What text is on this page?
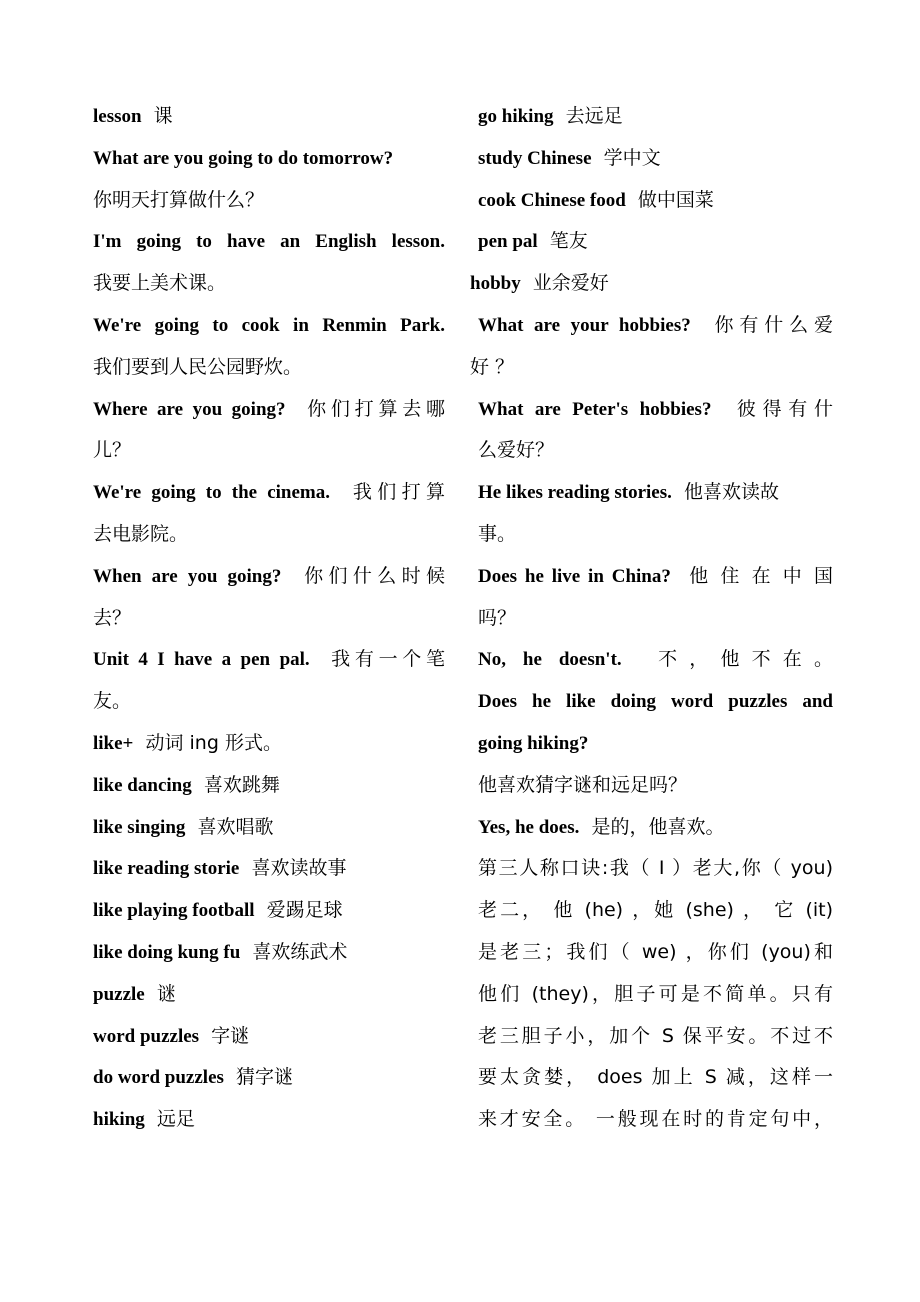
lesson 课
What are you going to do tomorrow?
你明天打算做什么？
I'm going to have an English lesson.
我要上美术课。
We're going to cook in Renmin Park.
我们要到人民公园野炊。
Where are you going? 你们打算去哪
儿？
We're going to the cinema. 我们打算
去电影院。
When are you going? 你们什么时候
去？
Unit 4 I have a pen pal. 我有一个笔
友。
like+ 动词 ing 形式。
like dancing 喜欢跳舞
like singing 喜欢唱歌
like reading storie 喜欢读故事
like playing football 爱踢足球
like doing kung fu 喜欢练武术
puzzle 谜
word puzzles 字谜
do word puzzles 猜字谜
hiking 远足
go hiking 去远足
study Chinese 学中文
cook Chinese food 做中国菜
pen pal 笔友
hobby 业余爱好
What are your hobbies? 你有什么爱
好 ？
What are Peter's hobbies? 彼得有什
么爱好？
He likes reading stories. 他喜欢读故
事。
Does he live in China? 他 住 在 中 国
吗？
No, he doesn't. 不，他不在。
Does he like doing word puzzles and
going hiking?
他喜欢猜字谜和远足吗？
Yes, he does. 是的，他喜欢。
第三人称口诀:我（ I ）老大,你（ you)
老二， 他 (he) ，她 (she) ， 它 (it)
是老三；我们（ we) ，你们 (you)和
他们 (they)，胆子可是不简单。只有
老三胆子小，加个 S 保平安。不过不
要太贪婪， does 加上 S 减，这样一
来才安全。 一般现在时的肯定句中，
